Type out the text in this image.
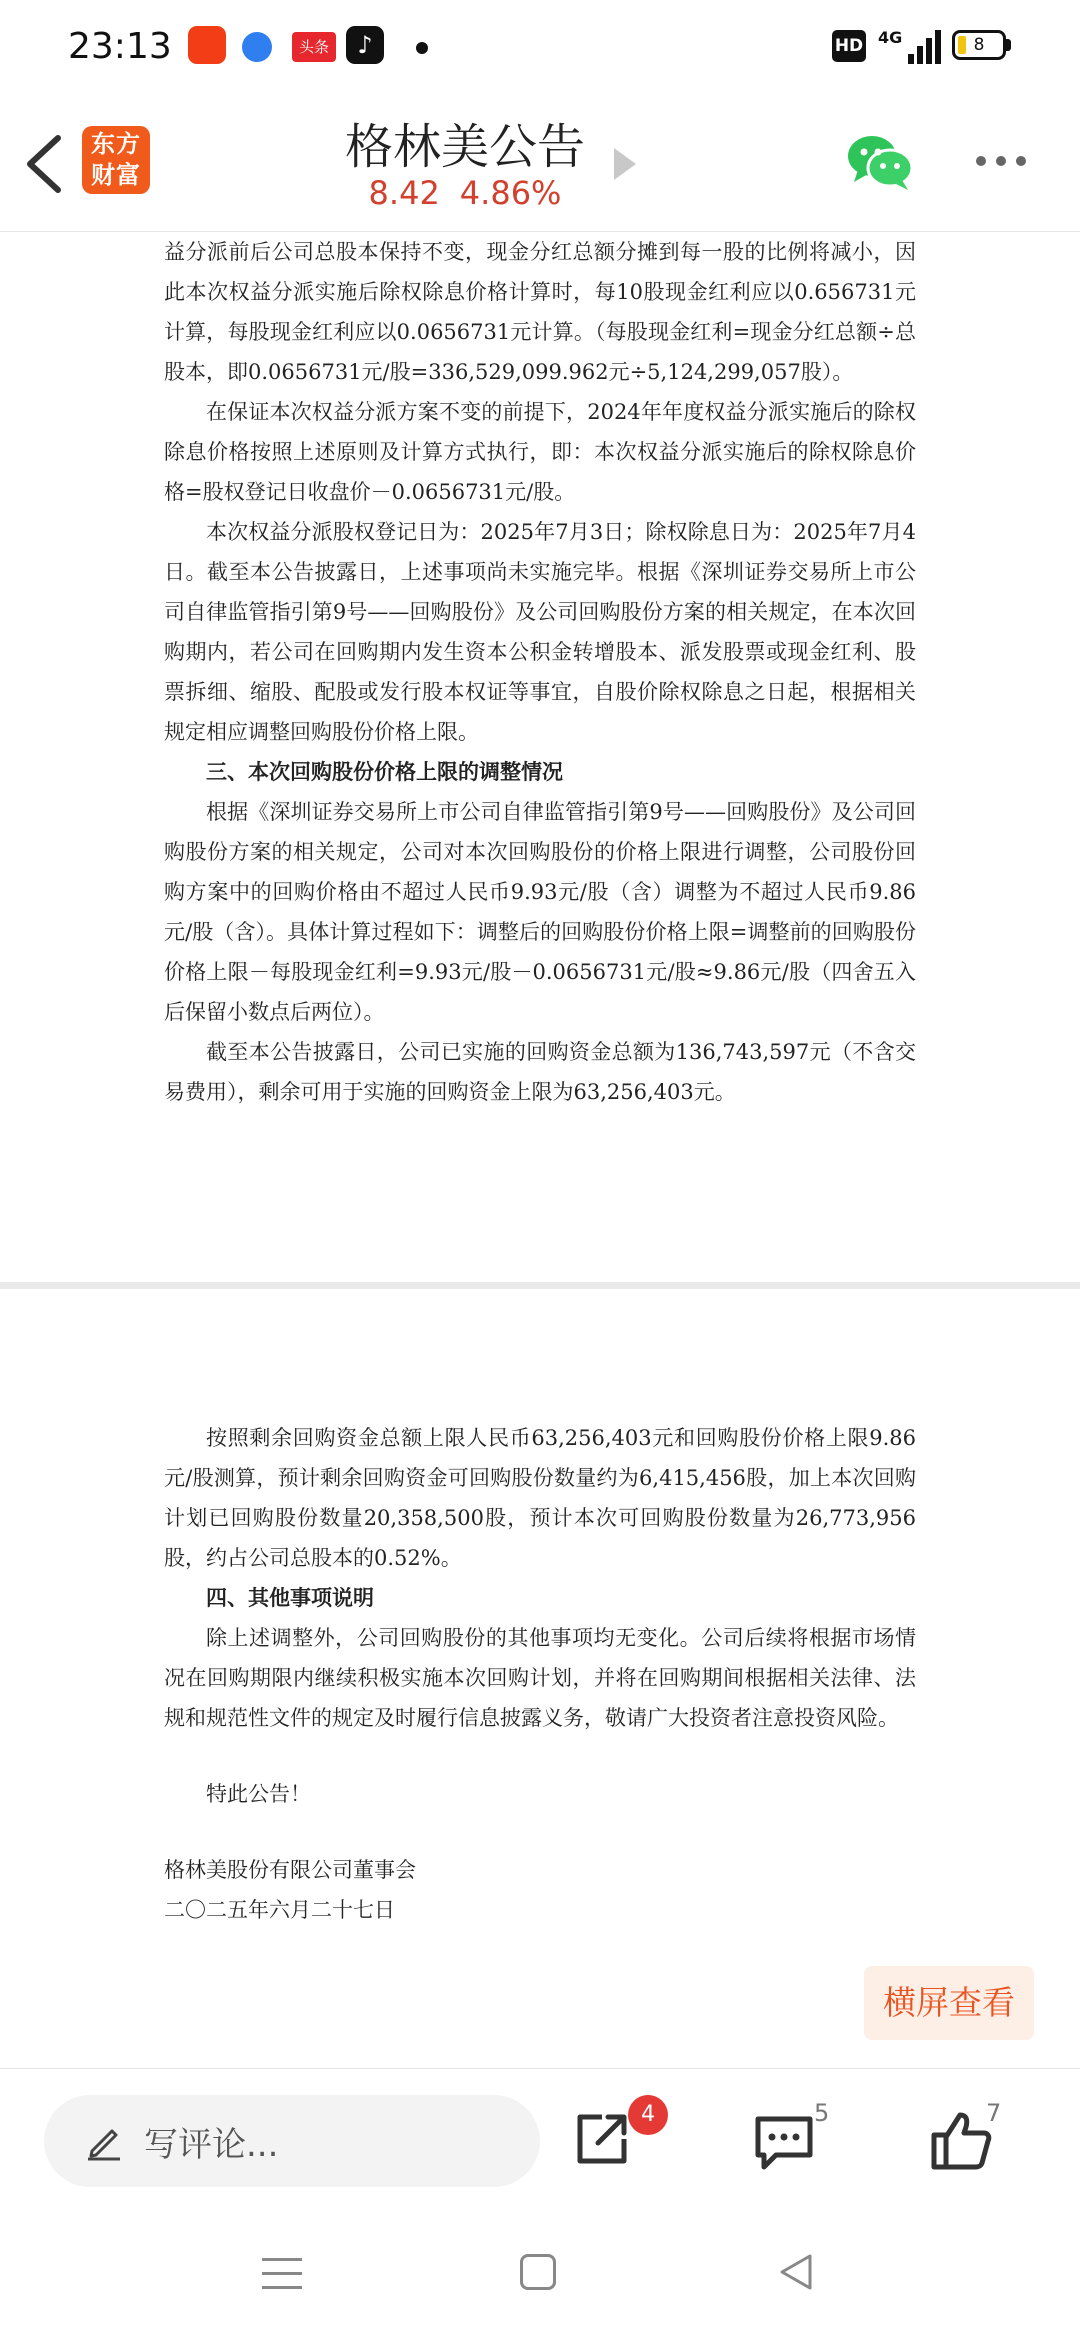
23:13	头条	♪	HD 4G	8
东方
财富	格林美公告
8.42 4.86%

益分派前后公司总股本保持不变，现金分红总额分摊到每一股的比例将减小，因此本次权益分派实施后除权除息价格计算时，每10股现金红利应以0.656731元计算，每股现金红利应以0.0656731元计算。（每股现金红利=现金分红总额÷总股本，即0.0656731元/股=336,529,099.962元÷5,124,299,057股）。

在保证本次权益分派方案不变的前提下，2024年年度权益分派实施后的除权除息价格按照上述原则及计算方式执行，即：本次权益分派实施后的除权除息价格=股权登记日收盘价－0.0656731元/股。

本次权益分派股权登记日为：2025年7月3日；除权除息日为：2025年7月4日。截至本公告披露日，上述事项尚未实施完毕。根据《深圳证券交易所上市公司自律监管指引第9号——回购股份》及公司回购股份方案的相关规定，在本次回购期内，若公司在回购期内发生资本公积金转增股本、派发股票或现金红利、股票拆细、缩股、配股或发行股本权证等事宜，自股价除权除息之日起，根据相关规定相应调整回购股份价格上限。

三、本次回购股份价格上限的调整情况

根据《深圳证券交易所上市公司自律监管指引第9号——回购股份》及公司回购股份方案的相关规定，公司对本次回购股份的价格上限进行调整，公司股份回购方案中的回购价格由不超过人民币9.93元/股（含）调整为不超过人民币9.86元/股（含）。具体计算过程如下：调整后的回购股份价格上限=调整前的回购股份价格上限－每股现金红利=9.93元/股－0.0656731元/股≈9.86元/股（四舍五入后保留小数点后两位）。

截至本公告披露日，公司已实施的回购资金总额为136,743,597元（不含交易费用），剩余可用于实施的回购资金上限为63,256,403元。

按照剩余回购资金总额上限人民币63,256,403元和回购股份价格上限9.86元/股测算，预计剩余回购资金可回购股份数量约为6,415,456股，加上本次回购计划已回购股份数量20,358,500股，预计本次可回购股份数量为26,773,956股，约占公司总股本的0.52%。

四、其他事项说明

除上述调整外，公司回购股份的其他事项均无变化。公司后续将根据市场情况在回购期限内继续积极实施本次回购计划，并将在回购期间根据相关法律、法规和规范性文件的规定及时履行信息披露义务，敬请广大投资者注意投资风险。

特此公告！

格林美股份有限公司董事会

二〇二五年六月二十七日

横屏查看
写评论...
4	5	7
